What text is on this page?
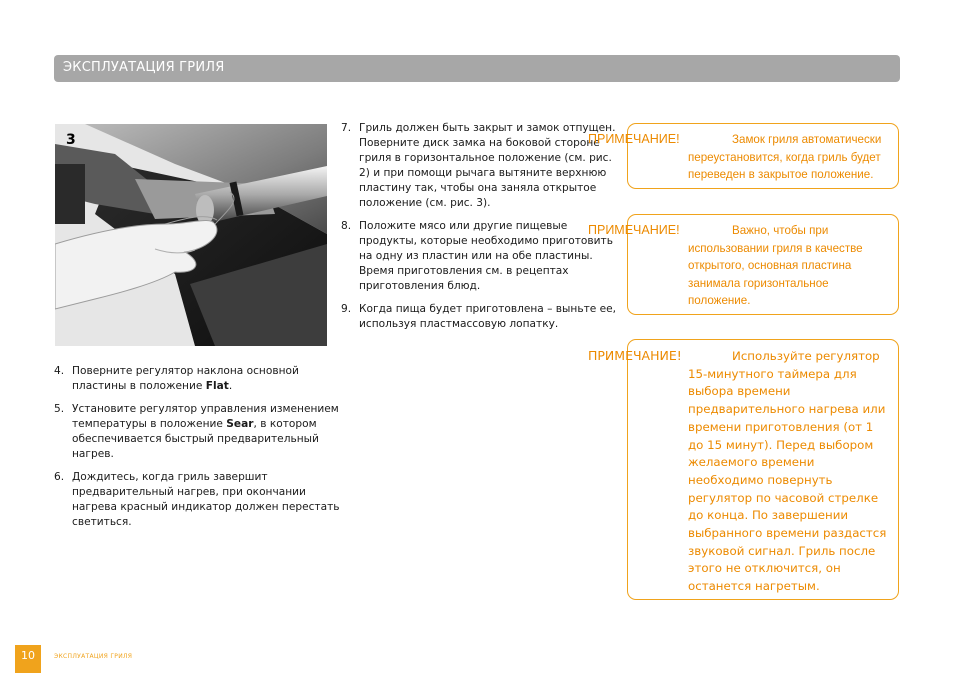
ЭКСПЛУАТАЦИЯ ГРИЛЯ
3
4. Поверните регулятор наклона основной пластины в положение Flat.
5. Установите регулятор управления изменением температуры в положение Sear, в котором обеспечивается быстрый предварительный нагрев.
6. Дождитесь, когда гриль завершит предварительный нагрев, при окончании нагрева красный индикатор должен перестать светиться.
7. Гриль должен быть закрыт и замок отпущен. Поверните диск замка на боковой стороне гриля в горизонтальное положение (см. рис. 2) и при помощи рычага вытяните верхнюю пластину так, чтобы она заняла открытое положение (см. рис. 3).
8. Положите мясо или другие пищевые продукты, которые необходимо приготовить на одну из пластин или на обе пластины. Время приготовления см. в рецептах приготовления блюд.
9. Когда пища будет приготовлена – выньте ее, используя пластмассовую лопатку.
ПРИМЕЧАНИЕ!	Замок гриля автоматически переустановится, когда гриль будет переведен в закрытое положение.
ПРИМЕЧАНИЕ!	Важно, чтобы при использовании гриля в качестве открытого, основная пластина занимала горизонтальное положение.
ПРИМЕЧАНИЕ!	Используйте регулятор 15-минутного таймера для выбора времени предварительного нагрева или времени приготовления (от 1 до 15 минут). Перед выбором желаемого времени необходимо повернуть регулятор по часовой стрелке до конца. По завершении выбранного времени раздастся звуковой сигнал. Гриль после этого не отключится, он останется нагретым.
10	ЭКСПЛУАТАЦИЯ ГРИЛЯ
